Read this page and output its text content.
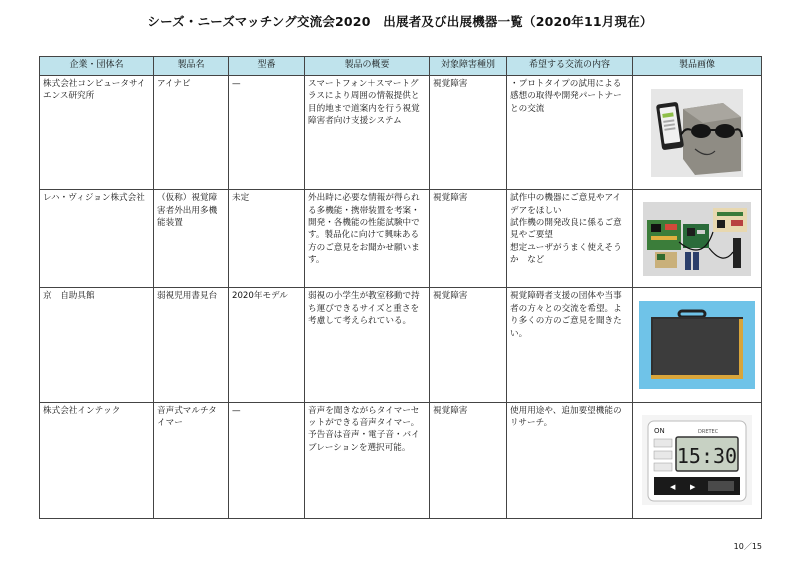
シーズ・ニーズマッチング交流会2020　出展者及び出展機器一覧（2020年11月現在）
企業・団体名	製品名	型番	製品の概要	対象障害種別	希望する交流の内容	製品画像
株式会社コンピュータサイエンス研究所	アイナビ	—	スマートフォン＋スマートグラスにより周囲の情報提供と目的地まで道案内を行う視覚障害者向け支援システム	視覚障害	・プロトタイプの試用による感想の取得や開発パートナーとの交流	

レハ・ヴィジョン株式会社	（仮称）視覚障害者外出用多機能装置	未定	外出時に必要な情報が得られる多機能・携帯装置を考案・開発・各機能の性能試験中です。製品化に向けて興味ある方のご意見をお聞かせ願います。	視覚障害	試作中の機器にご意見やアイデアをほしい
試作機の開発改良に係るご意見やご要望
想定ユーザがうまく使えそうか　など	

京　自助具館	弱視児用書見台	2020年モデル	弱視の小学生が教室移動で持ち運びできるサイズと重さを考慮して考えられている。	視覚障害	視覚障碍者支援の団体や当事者の方々との交流を希望。より多くの方のご意見を聞きたい。	

株式会社インテック	音声式マルチタイマー	—	音声を聞きながらタイマーセットができる音声タイマー。予告音は音声・電子音・バイブレーションを選択可能。	視覚障害	使用用途や、追加要望機能のリサーチ。	ON DRETEC
15:30
◀ ▶
10／15
